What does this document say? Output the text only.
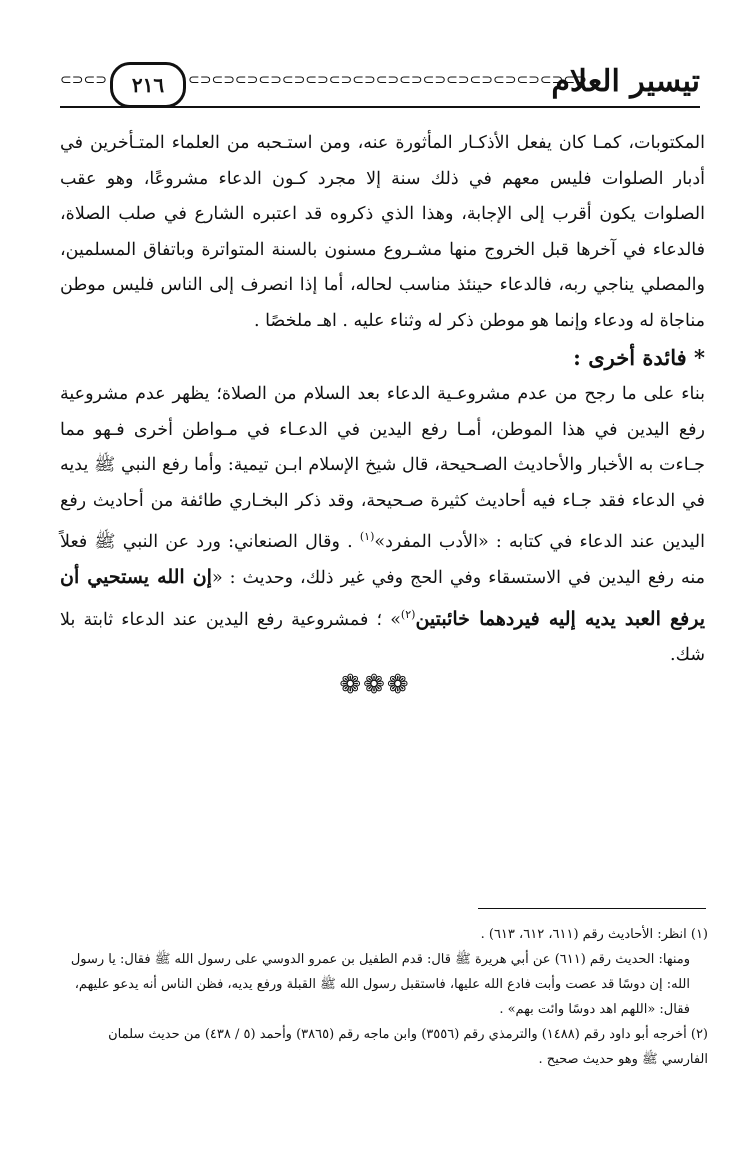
تيسير العلام
⊂⊃⊂⊃⊂⊃⊂⊃⊂⊃⊂⊃⊂⊃⊂⊃⊂⊃⊂⊃⊂⊃⊂⊃⊂⊃⊂⊃⊂⊃⊂⊃⊂⊃
٢١٦
⊂⊃⊂⊃

المكتوبات، كمـا كان يفعل الأذكـار المأثورة عنه، ومن استـحبه من العلماء المتـأخرين في أدبار الصلوات فليس معهم في ذلك سنة إلا مجرد كـون الدعاء مشروعًا، وهو عقب الصلوات يكون أقرب إلى الإجابة، وهذا الذي ذكروه قد اعتبره الشارع في صلب الصلاة، فالدعاء في آخرها قبل الخروج منها مشـروع مسنون بالسنة المتواترة وباتفاق المسلمين، والمصلي يناجي ربه، فالدعاء حينئذ مناسب لحاله، أما إذا انصرف إلى الناس فليس موطن مناجاة له ودعاء وإنما هو موطن ذكر له وثناء عليه . اهـ ملخصًا .

* فائدة أخرى :

بناء على ما رجح من عدم مشروعـية الدعاء بعد السلام من الصلاة؛ يظهر عدم مشروعية رفع اليدين في هذا الموطن، أمـا رفع اليدين في الدعـاء في مـواطن أخرى فـهو مما جـاءت به الأخبار والأحاديث الصـحيحة، قال شيخ الإسلام ابـن تيمية: وأما رفع النبي ﷺ يديه في الدعاء فقد جـاء فيه أحاديث كثيرة صـحيحة، وقد ذكر البخـاري طائفة من أحاديث رفع اليدين عند الدعاء في كتابه : «الأدب المفرد»$^{(١)}$ . وقال الصنعاني: ورد عن النبي ﷺ فعلاً منه رفع اليدين في الاستسقاء وفي الحج وفي غير ذلك، وحديث : «إن الله يستحيي أن يرفع العبد يديه إليه فيردهما خائبتين$^{(٢)}$» ؛ فمشروعية رفع اليدين عند الدعاء ثابتة بلا شك.

❁❁❁

(١) انظر: الأحاديث رقم (٦١١، ٦١٢، ٦١٣) .

ومنها: الحديث رقم (٦١١) عن أبي هريرة ﷺ قال: قدم الطفيل بن عمرو الدوسي على رسول الله ﷺ فقال: يا رسول الله: إن دوسًا قد عصت وأبت فادع الله عليها، فاستقبل رسول الله ﷺ القبلة ورفع يديه، فظن الناس أنه يدعو عليهم، فقال: «اللهم اهد دوسًا وائت بهم» .

(٢) أخرجه أبو داود رقم (١٤٨٨) والترمذي رقم (٣٥٥٦) وابن ماجه رقم (٣٨٦٥) وأحمد (٥ / ٤٣٨) من حديث سلمان الفارسي ﷺ وهو حديث صحيح .
